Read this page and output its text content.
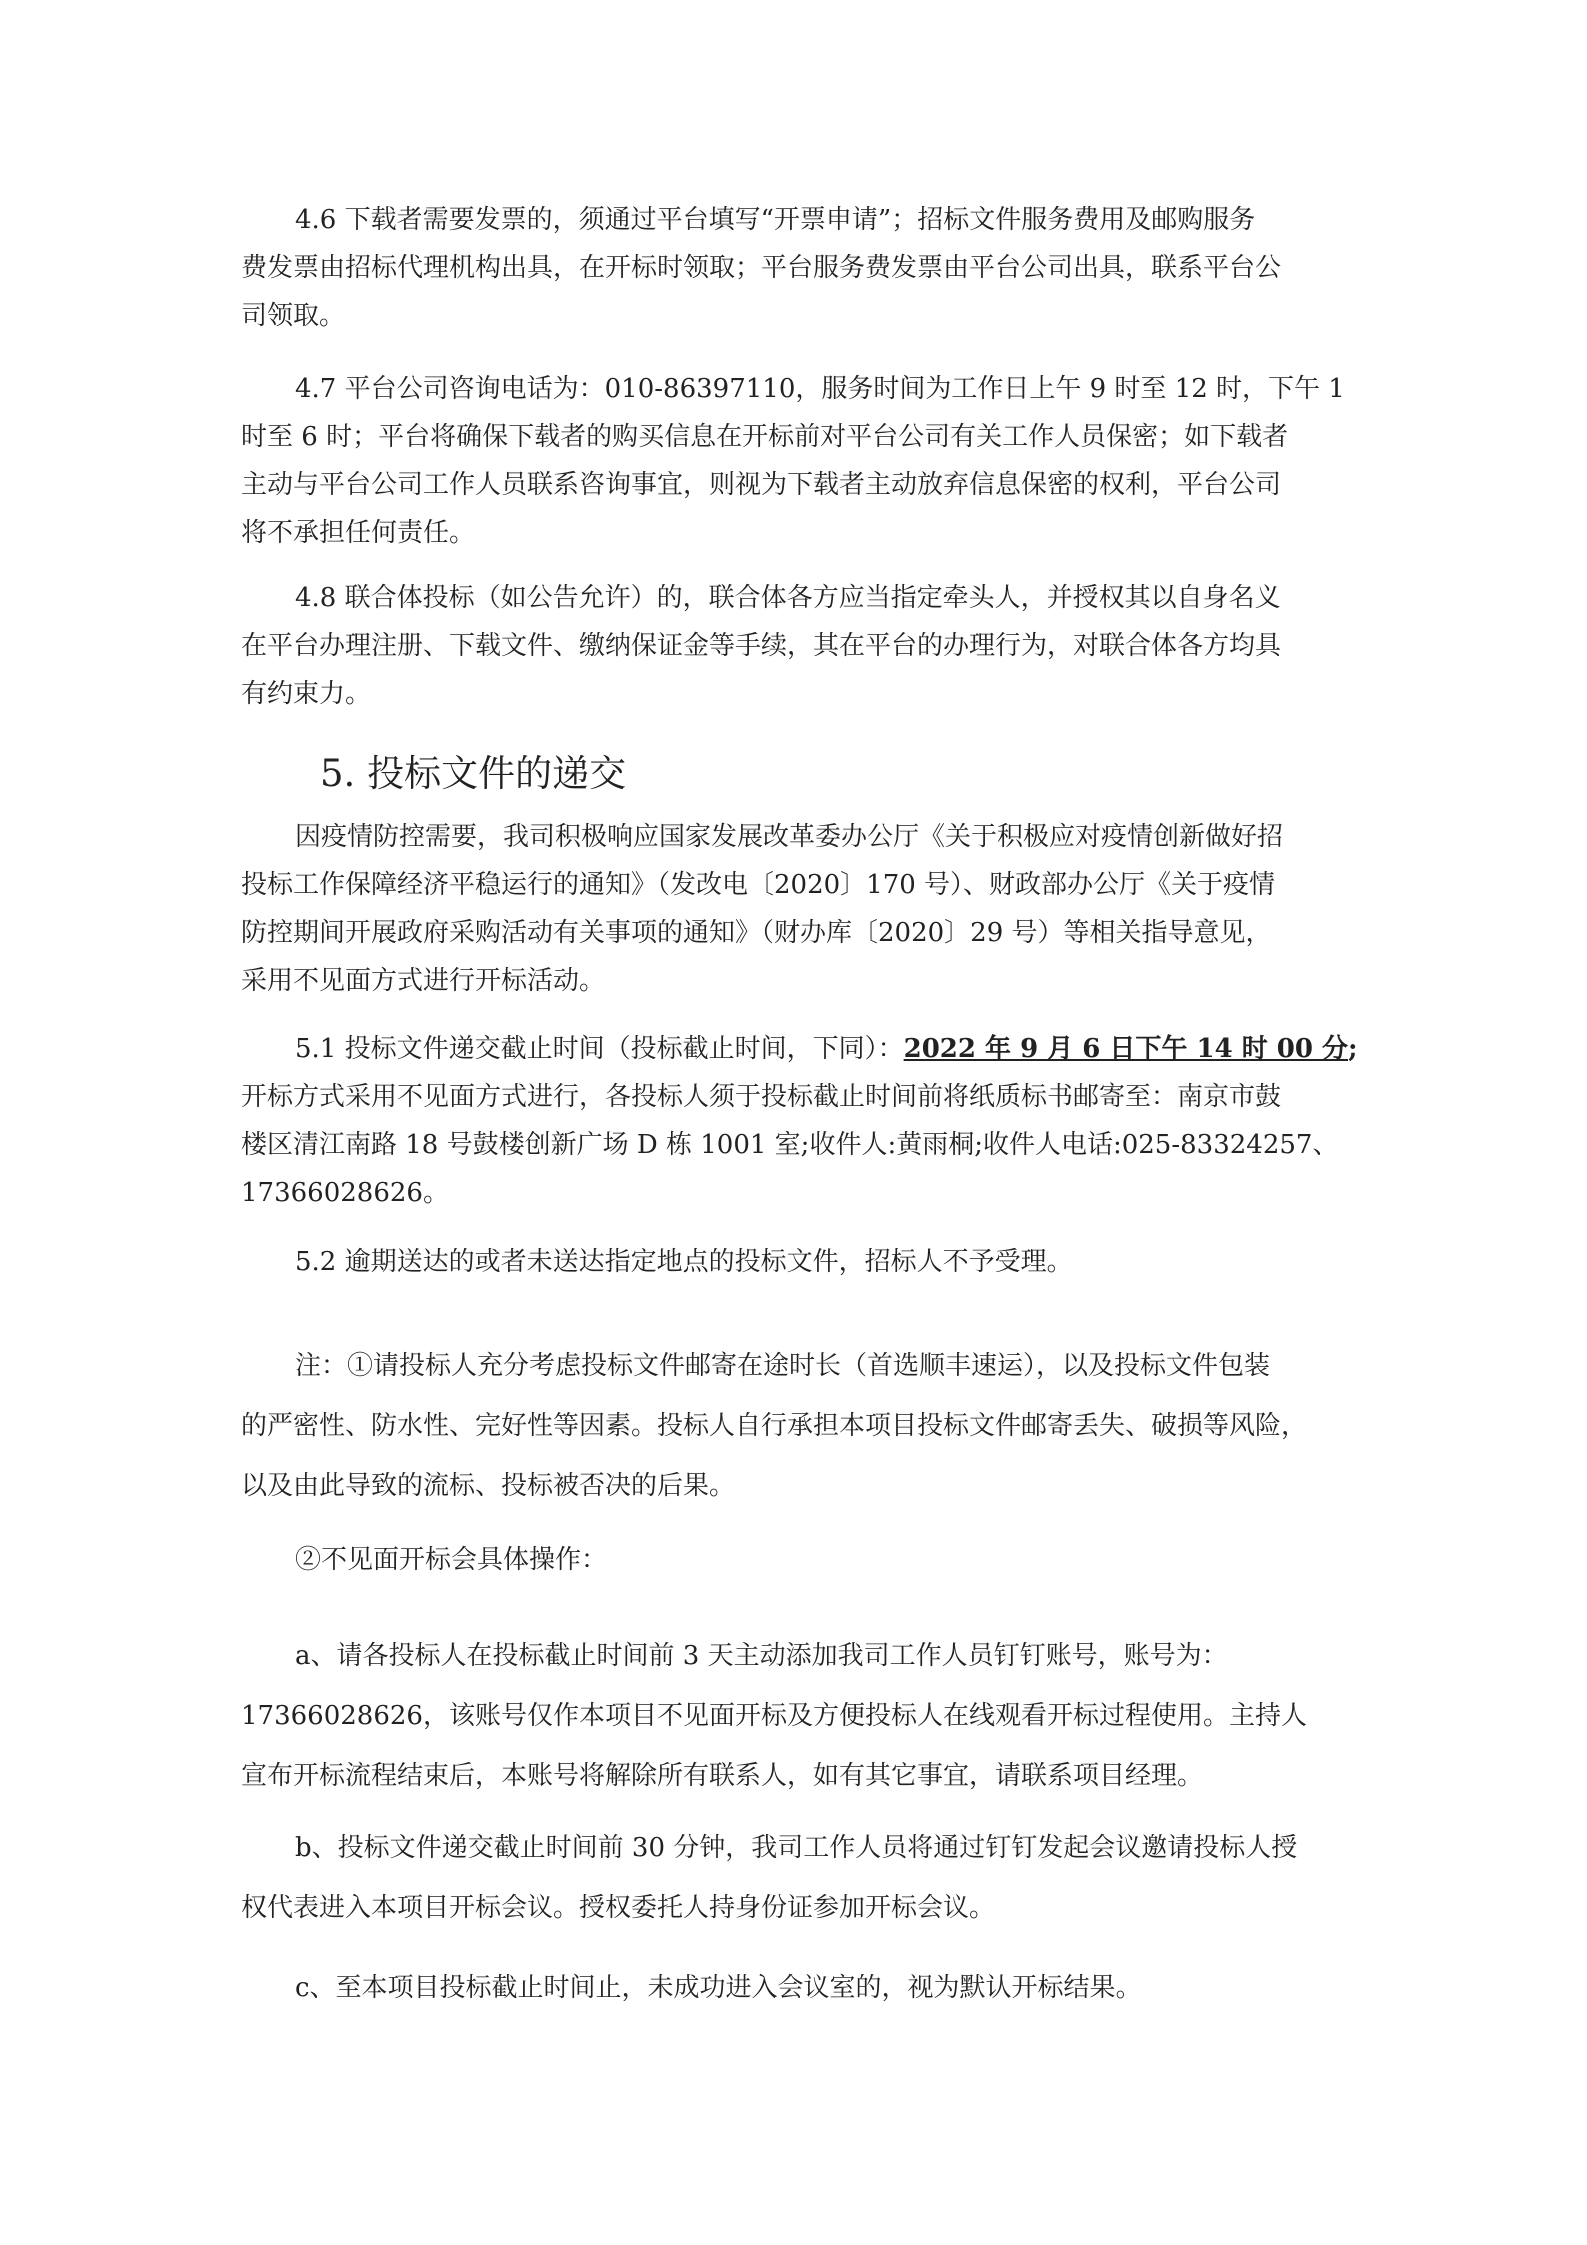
4.6 下载者需要发票的，须通过平台填写“开票申请”；招标文件服务费用及邮购服务
费发票由招标代理机构出具，在开标时领取；平台服务费发票由平台公司出具，联系平台公
司领取。
4.7 平台公司咨询电话为：010-86397110，服务时间为工作日上午 9 时至 12 时，下午 1
时至 6 时；平台将确保下载者的购买信息在开标前对平台公司有关工作人员保密；如下载者
主动与平台公司工作人员联系咨询事宜，则视为下载者主动放弃信息保密的权利，平台公司
将不承担任何责任。
4.8 联合体投标（如公告允许）的，联合体各方应当指定牵头人，并授权其以自身名义
在平台办理注册、下载文件、缴纳保证金等手续，其在平台的办理行为，对联合体各方均具
有约束力。
5. 投标文件的递交
因疫情防控需要，我司积极响应国家发展改革委办公厅《关于积极应对疫情创新做好招
投标工作保障经济平稳运行的通知》（发改电〔2020〕170 号）、财政部办公厅《关于疫情
防控期间开展政府采购活动有关事项的通知》（财办库〔2020〕29 号）等相关指导意见，
采用不见面方式进行开标活动。
5.1 投标文件递交截止时间（投标截止时间，下同）：2022 年 9 月 6 日下午 14 时 00 分;
开标方式采用不见面方式进行，各投标人须于投标截止时间前将纸质标书邮寄至：南京市鼓
楼区清江南路 18 号鼓楼创新广场 D 栋 1001 室;收件人:黄雨桐;收件人电话:025-83324257、
17366028626。
5.2 逾期送达的或者未送达指定地点的投标文件，招标人不予受理。
注：①请投标人充分考虑投标文件邮寄在途时长（首选顺丰速运），以及投标文件包装
的严密性、防水性、完好性等因素。投标人自行承担本项目投标文件邮寄丢失、破损等风险，
以及由此导致的流标、投标被否决的后果。
②不见面开标会具体操作：
a、请各投标人在投标截止时间前 3 天主动添加我司工作人员钉钉账号，账号为：
17366028626，该账号仅作本项目不见面开标及方便投标人在线观看开标过程使用。主持人
宣布开标流程结束后，本账号将解除所有联系人，如有其它事宜，请联系项目经理。
b、投标文件递交截止时间前 30 分钟，我司工作人员将通过钉钉发起会议邀请投标人授
权代表进入本项目开标会议。授权委托人持身份证参加开标会议。
c、至本项目投标截止时间止，未成功进入会议室的，视为默认开标结果。
